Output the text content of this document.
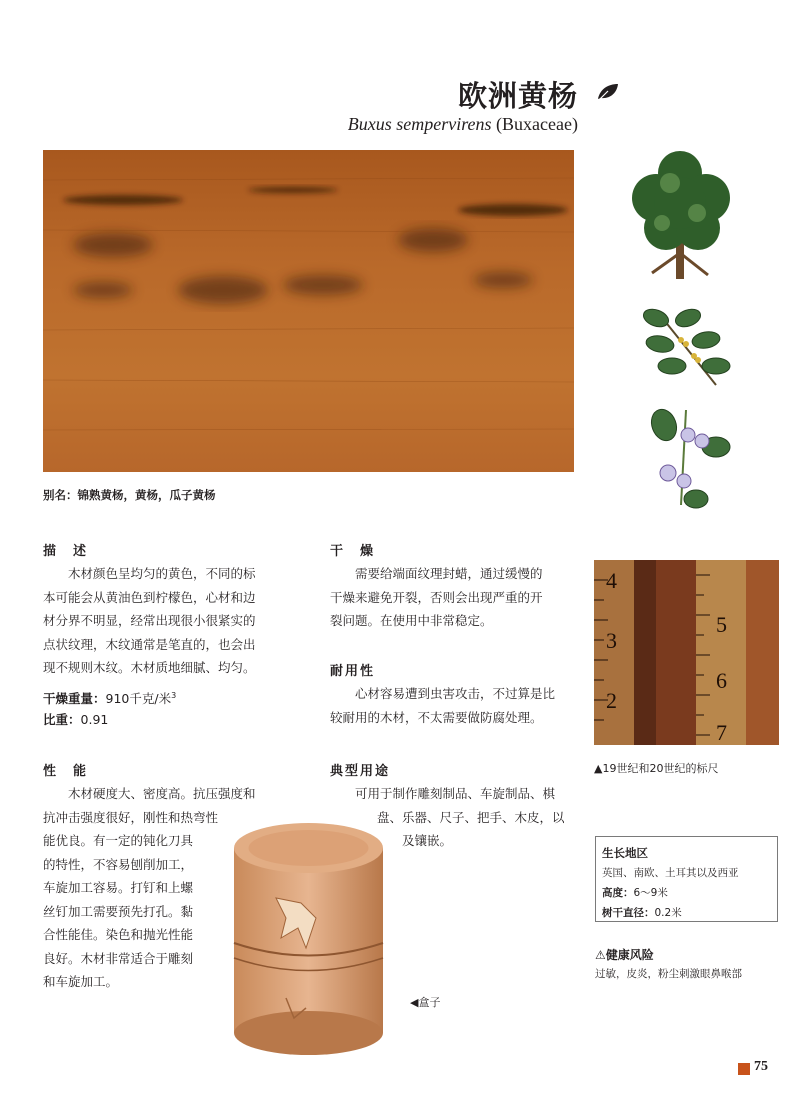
欧洲黄杨
Buxus sempervirens (Buxaceae)
别名：锦熟黄杨，黄杨，瓜子黄杨
4
5
3
6
2
7
▲19世纪和20世纪的标尺
描　述
木材颜色呈均匀的黄色，不同的标
本可能会从黄油色到柠檬色，心材和边
材分界不明显，经常出现很小很紧实的
点状纹理，木纹通常是笔直的，也会出
现不规则木纹。木材质地细腻、均匀。
干燥重量：910千克/米$^3$
比重：0.91
性　能
木材硬度大、密度高。抗压强度和
抗冲击强度很好，刚性和热弯性
能优良。有一定的钝化刀具
的特性，不容易刨削加工，
车旋加工容易。打钉和上螺
丝钉加工需要预先打孔。黏
合性能佳。染色和抛光性能
良好。木材非常适合于雕刻
和车旋加工。
◀盒子
干　燥
需要给端面纹理封蜡，通过缓慢的
干燥来避免开裂，否则会出现严重的开
裂问题。在使用中非常稳定。
耐用性
心材容易遭到虫害攻击，不过算是比
较耐用的木材，不太需要做防腐处理。
典型用途
可用于制作雕刻制品、车旋制品、棋
盘、乐器、尺子、把手、木皮，以
及镶嵌。
生长地区
英国、南欧、土耳其以及西亚
高度：6～9米
树干直径：0.2米
⚠健康风险
过敏，皮炎，粉尘刺激眼鼻喉部
75
